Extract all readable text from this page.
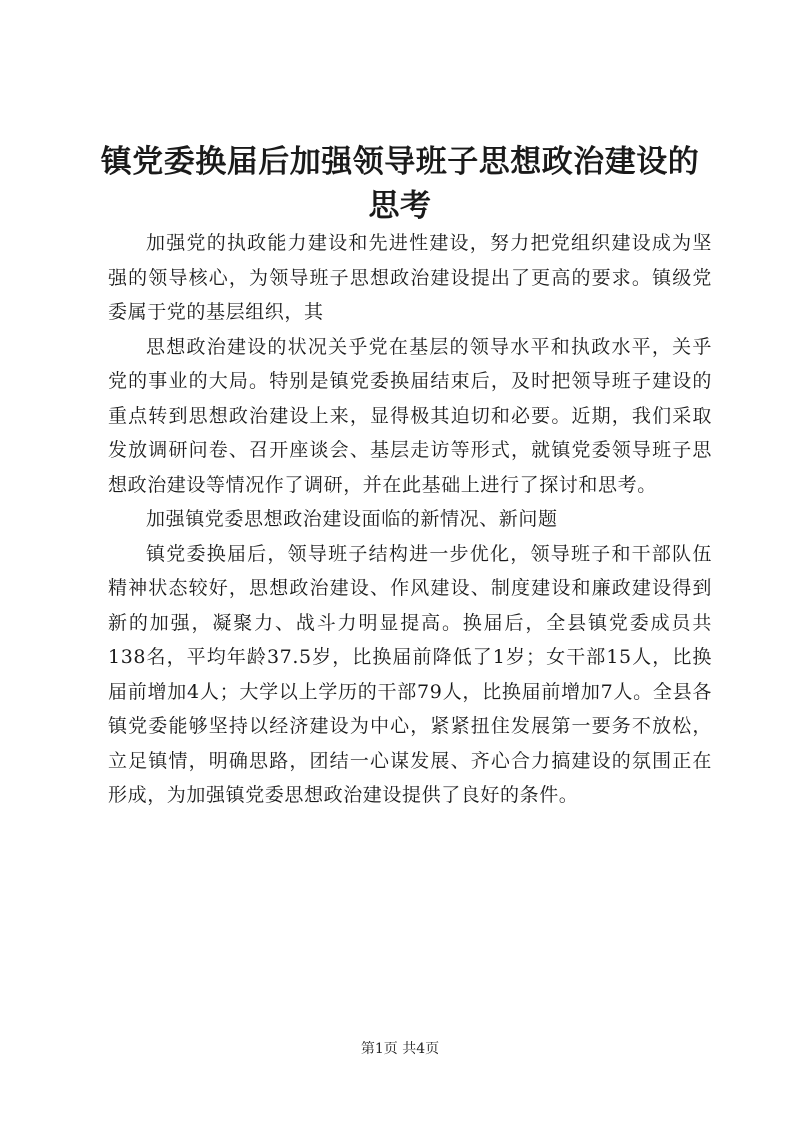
镇党委换届后加强领导班子思想政治建设的思考

加强党的执政能力建设和先进性建设，努力把党组织建设成为坚强的领导核心，为领导班子思想政治建设提出了更高的要求。镇级党委属于党的基层组织，其

思想政治建设的状况关乎党在基层的领导水平和执政水平，关乎党的事业的大局。特别是镇党委换届结束后，及时把领导班子建设的重点转到思想政治建设上来，显得极其迫切和必要。近期，我们采取发放调研问卷、召开座谈会、基层走访等形式，就镇党委领导班子思想政治建设等情况作了调研，并在此基础上进行了探讨和思考。

加强镇党委思想政治建设面临的新情况、新问题

镇党委换届后，领导班子结构进一步优化，领导班子和干部队伍精神状态较好，思想政治建设、作风建设、制度建设和廉政建设得到新的加强，凝聚力、战斗力明显提高。换届后，全县镇党委成员共138名，平均年龄37.5岁，比换届前降低了1岁；女干部15人，比换届前增加4人；大学以上学历的干部79人，比换届前增加7人。全县各镇党委能够坚持以经济建设为中心，紧紧扭住发展第一要务不放松，立足镇情，明确思路，团结一心谋发展、齐心合力搞建设的氛围正在形成，为加强镇党委思想政治建设提供了良好的条件。

第1页 共4页
